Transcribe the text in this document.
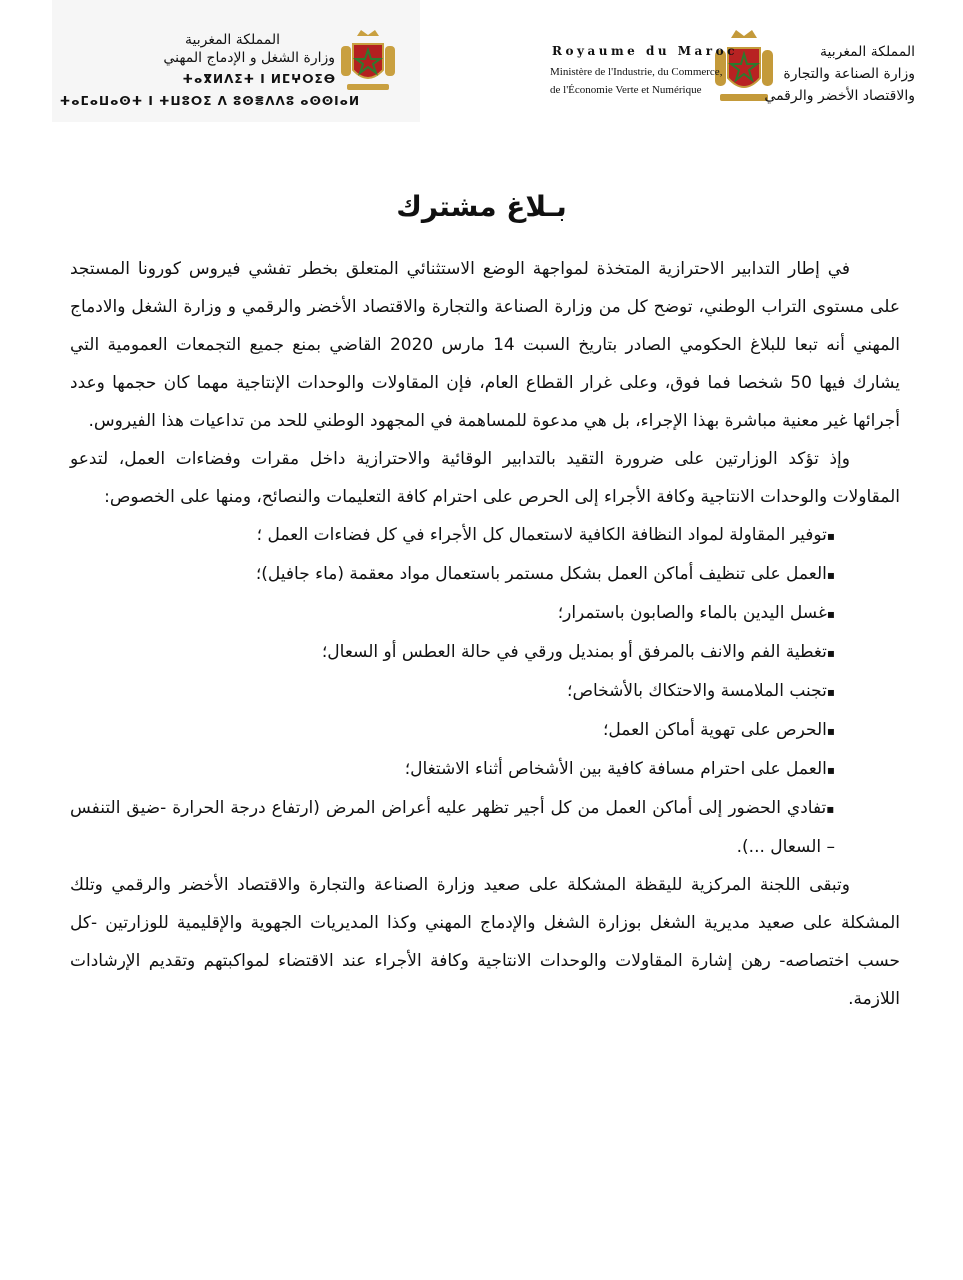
المملكة المغربية
وزارة الشغل و الإدماج المهني
ⵜⴰⴳⵍⴷⵉⵜ ⵏ ⵍⵎⵖⵔⵉⴱ
ⵜⴰⵎⴰⵡⴰⵙⵜ ⵏ ⵜⵡⵓⵔⵉ ⴷ ⵓⵙⴻⴷⴷⵓ ⴰⵙⵙⵏⴰⵍ
Royaume du Maroc
Ministère de l'Industrie, du Commerce,
de l'Économie Verte et Numérique
المملكة المغربية
وزارة الصناعة والتجارة
والاقتصاد الأخضر والرقمي
بـلاغ مشترك

في إطار التدابير الاحترازية المتخذة لمواجهة الوضع الاستثنائي المتعلق بخطر تفشي فيروس كورونا المستجد على مستوى التراب الوطني، توضح كل من وزارة الصناعة والتجارة والاقتصاد الأخضر والرقمي و وزارة الشغل والادماج المهني أنه تبعا للبلاغ الحكومي الصادر بتاريخ السبت 14 مارس 2020 القاضي بمنع جميع التجمعات العمومية التي يشارك فيها 50 شخصا فما فوق، وعلى غرار القطاع العام، فإن المقاولات والوحدات الإنتاجية مهما كان حجمها وعدد أجرائها غير معنية مباشرة بهذا الإجراء، بل هي مدعوة للمساهمة في المجهود الوطني للحد من تداعيات هذا الفيروس.

وإذ تؤكد الوزارتين على ضرورة التقيد بالتدابير الوقائية والاحترازية داخل مقرات وفضاءات العمل، لتدعو المقاولات والوحدات الانتاجية وكافة الأجراء إلى الحرص على احترام كافة التعليمات والنصائح، ومنها على الخصوص:

▪ توفير المقاولة لمواد النظافة الكافية لاستعمال كل الأجراء في كل فضاءات العمل ؛
▪ العمل على تنظيف أماكن العمل بشكل مستمر باستعمال مواد معقمة (ماء جافيل)؛
▪ غسل اليدين بالماء والصابون باستمرار؛
▪ تغطية الفم والانف بالمرفق أو بمنديل ورقي في حالة العطس أو السعال؛
▪ تجنب الملامسة والاحتكاك بالأشخاص؛
▪ الحرص على تهوية أماكن العمل؛
▪ العمل على احترام مسافة كافية بين الأشخاص أثناء الاشتغال؛
▪ تفادي الحضور إلى أماكن العمل من كل أجير تظهر عليه أعراض المرض (ارتفاع درجة الحرارة -ضيق التنفس – السعال ...).

وتبقى اللجنة المركزية لليقظة المشكلة على صعيد وزارة الصناعة والتجارة والاقتصاد الأخضر والرقمي وتلك المشكلة على صعيد مديرية الشغل بوزارة الشغل والإدماج المهني وكذا المديريات الجهوية والإقليمية للوزارتين -كل حسب اختصاصه- رهن إشارة المقاولات والوحدات الانتاجية وكافة الأجراء عند الاقتضاء لمواكبتهم وتقديم الإرشادات اللازمة.
